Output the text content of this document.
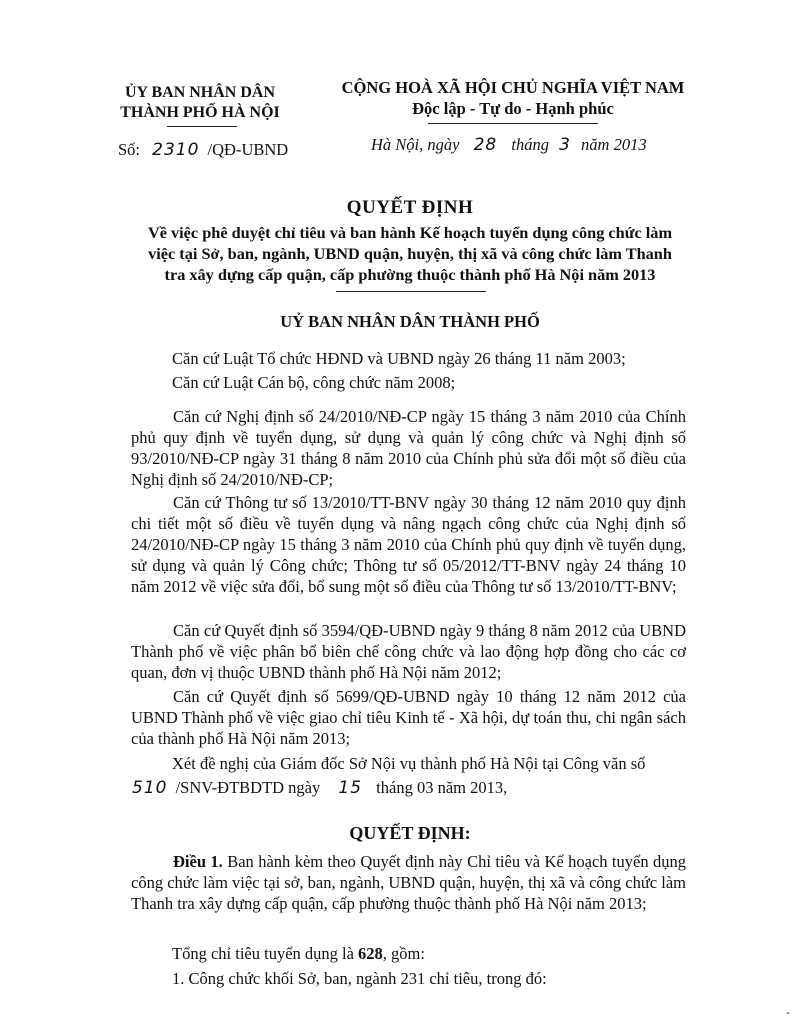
ỦY BAN NHÂN DÂN
THÀNH PHỐ HÀ NỘI
CỘNG HOÀ XÃ HỘI CHỦ NGHĨA VIỆT NAM
Độc lập - Tự do - Hạnh phúc
Số: 2310 /QĐ-UBND	Hà Nội, ngày 28 tháng 3 năm 2013
QUYẾT ĐỊNH
Về việc phê duyệt chỉ tiêu và ban hành Kế hoạch tuyển dụng công chức làm
việc tại Sở, ban, ngành, UBND quận, huyện, thị xã và công chức làm Thanh
tra xây dựng cấp quận, cấp phường thuộc thành phố Hà Nội năm 2013
UỶ BAN NHÂN DÂN THÀNH PHỐ
Căn cứ Luật Tổ chức HĐND và UBND ngày 26 tháng 11 năm 2003;
Căn cứ Luật Cán bộ, công chức năm 2008;
Căn cứ Nghị định số 24/2010/NĐ-CP ngày 15 tháng 3 năm 2010 của Chính phủ quy định về tuyển dụng, sử dụng và quản lý công chức và Nghị định số 93/2010/NĐ-CP ngày 31 tháng 8 năm 2010 của Chính phủ sửa đổi một số điều của Nghị định số 24/2010/NĐ-CP;
Căn cứ Thông tư số 13/2010/TT-BNV ngày 30 tháng 12 năm 2010 quy định chi tiết một số điều về tuyển dụng và nâng ngạch công chức của Nghị định số 24/2010/NĐ-CP ngày 15 tháng 3 năm 2010 của Chính phủ quy định về tuyển dụng, sử dụng và quản lý Công chức; Thông tư số 05/2012/TT-BNV ngày 24 tháng 10 năm 2012 về việc sửa đổi, bổ sung một số điều của Thông tư số 13/2010/TT-BNV;
Căn cứ Quyết định số 3594/QĐ-UBND ngày 9 tháng 8 năm 2012 của UBND Thành phố về việc phân bổ biên chế công chức và lao động hợp đồng cho các cơ quan, đơn vị thuộc UBND thành phố Hà Nội năm 2012;
Căn cứ Quyết định số 5699/QĐ-UBND ngày 10 tháng 12 năm 2012 của UBND Thành phố về việc giao chỉ tiêu Kinh tế - Xã hội, dự toán thu, chi ngân sách của thành phố Hà Nội năm 2013;
Xét đề nghị của Giám đốc Sở Nội vụ thành phố Hà Nội tại Công văn số
510 /SNV-ĐTBDTD ngày 15 tháng 03 năm 2013,
QUYẾT ĐỊNH:
Điều 1. Ban hành kèm theo Quyết định này Chỉ tiêu và Kế hoạch tuyển dụng công chức làm việc tại sở, ban, ngành, UBND quận, huyện, thị xã và công chức làm Thanh tra xây dựng cấp quận, cấp phường thuộc thành phố Hà Nội năm 2013;
Tổng chỉ tiêu tuyển dụng là 628, gồm:
1. Công chức khối Sở, ban, ngành 231 chỉ tiêu, trong đó:
-
